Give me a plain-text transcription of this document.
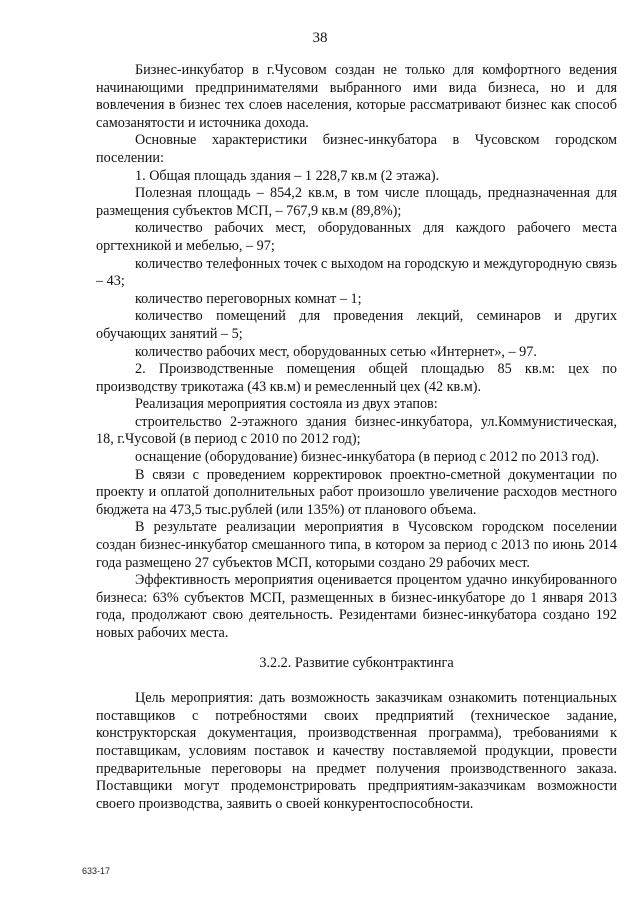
38

Бизнес-инкубатор в г.Чусовом создан не только для комфортного ведения начинающими предпринимателями выбранного ими вида бизнеса, но и для вовлечения в бизнес тех слоев населения, которые рассматривают бизнес как способ самозанятости и источника дохода.

Основные характеристики бизнес-инкубатора в Чусовском городском поселении:

1. Общая площадь здания – 1 228,7 кв.м (2 этажа).

Полезная площадь – 854,2 кв.м, в том числе площадь, предназначенная для размещения субъектов МСП, – 767,9 кв.м (89,8%);

количество рабочих мест, оборудованных для каждого рабочего места оргтехникой и мебелью, – 97;

количество телефонных точек с выходом на городскую и междугородную связь – 43;

количество переговорных комнат – 1;

количество помещений для проведения лекций, семинаров и других обучающих занятий – 5;

количество рабочих мест, оборудованных сетью «Интернет», – 97.

2. Производственные помещения общей площадью 85 кв.м: цех по производству трикотажа (43 кв.м) и ремесленный цех (42 кв.м).

Реализация мероприятия состояла из двух этапов:

строительство 2-этажного здания бизнес-инкубатора, ул.Коммунистическая, 18, г.Чусовой (в период с 2010 по 2012 год);

оснащение (оборудование) бизнес-инкубатора (в период с 2012 по 2013 год).

В связи с проведением корректировок проектно-сметной документации по проекту и оплатой дополнительных работ произошло увеличение расходов местного бюджета на 473,5 тыс.рублей (или 135%) от планового объема.

В результате реализации мероприятия в Чусовском городском поселении создан бизнес-инкубатор смешанного типа, в котором за период с 2013 по июнь 2014 года размещено 27 субъектов МСП, которыми создано 29 рабочих мест.

Эффективность мероприятия оценивается процентом удачно инкубированного бизнеса: 63% субъектов МСП, размещенных в бизнес-инкубаторе до 1 января 2013 года, продолжают свою деятельность. Резидентами бизнес-инкубатора создано 192 новых рабочих места.

3.2.2. Развитие субконтрактинга

Цель мероприятия: дать возможность заказчикам ознакомить потенциальных поставщиков с потребностями своих предприятий (техническое задание, конструкторская документация, производственная программа), требованиями к поставщикам, условиям поставок и качеству поставляемой продукции, провести предварительные переговоры на предмет получения производственного заказа. Поставщики могут продемонстрировать предприятиям-заказчикам возможности своего производства, заявить о своей конкурентоспособности.

633-17
